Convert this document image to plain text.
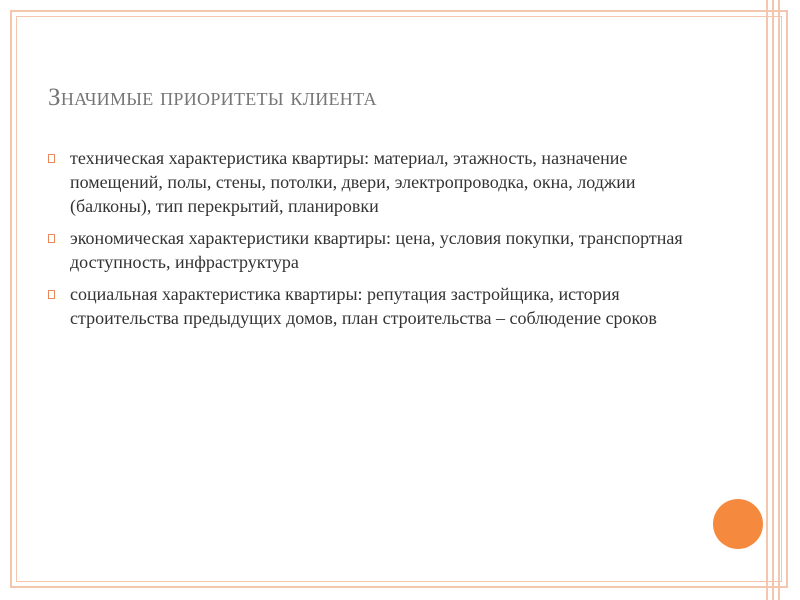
Значимые приоритеты клиента
техническая характеристика квартиры: материал, этажность, назначение помещений, полы, стены, потолки, двери, электропроводка, окна, лоджии (балконы), тип перекрытий, планировки
экономическая характеристики квартиры: цена, условия покупки, транспортная доступность, инфраструктура
социальная характеристика квартиры: репутация застройщика, история строительства предыдущих домов, план строительства – соблюдение сроков
